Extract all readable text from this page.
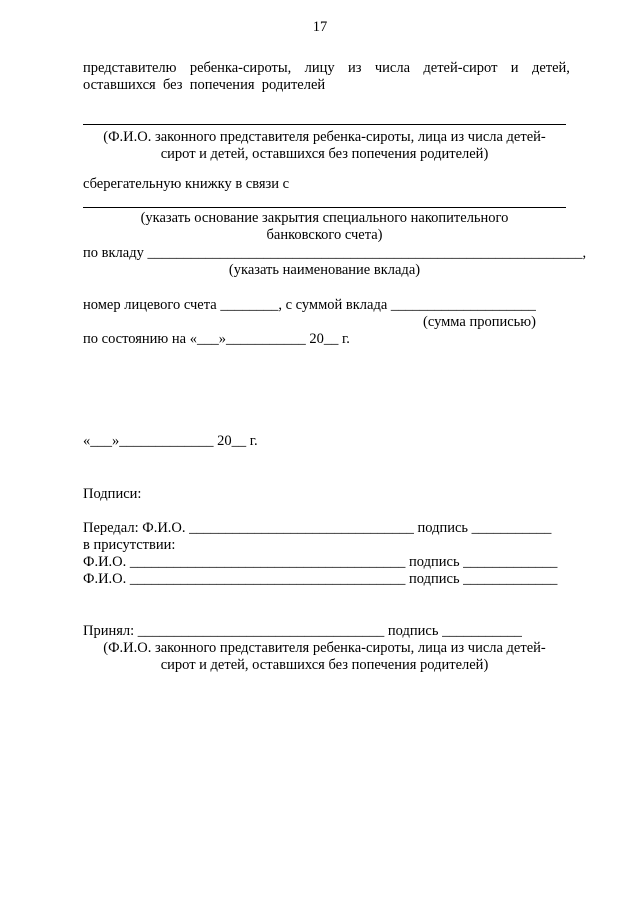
17
представителю ребенка-сироты, лицу из числа детей-сирот и детей,
оставшихся  без  попечения  родителей
(Ф.И.О. законного представителя ребенка-сироты, лица из числа детей-
сирот и детей, оставшихся без попечения родителей)
сберегательную книжку в связи с
(указать основание закрытия специального накопительного
банковского счета)
по вкладу ____________________________________________________________,
(указать наименование вклада)
номер лицевого счета ________, с суммой вклада ____________________
(сумма прописью)
по состоянию на «___»___________ 20__ г.
«___»_____________ 20__ г.
Подписи:
Передал: Ф.И.О. _______________________________ подпись ___________
в присутствии:
Ф.И.О. ______________________________________ подпись _____________
Ф.И.О. ______________________________________ подпись _____________
Принял: __________________________________ подпись ___________
(Ф.И.О. законного представителя ребенка-сироты, лица из числа детей-
сирот и детей, оставшихся без попечения родителей)
